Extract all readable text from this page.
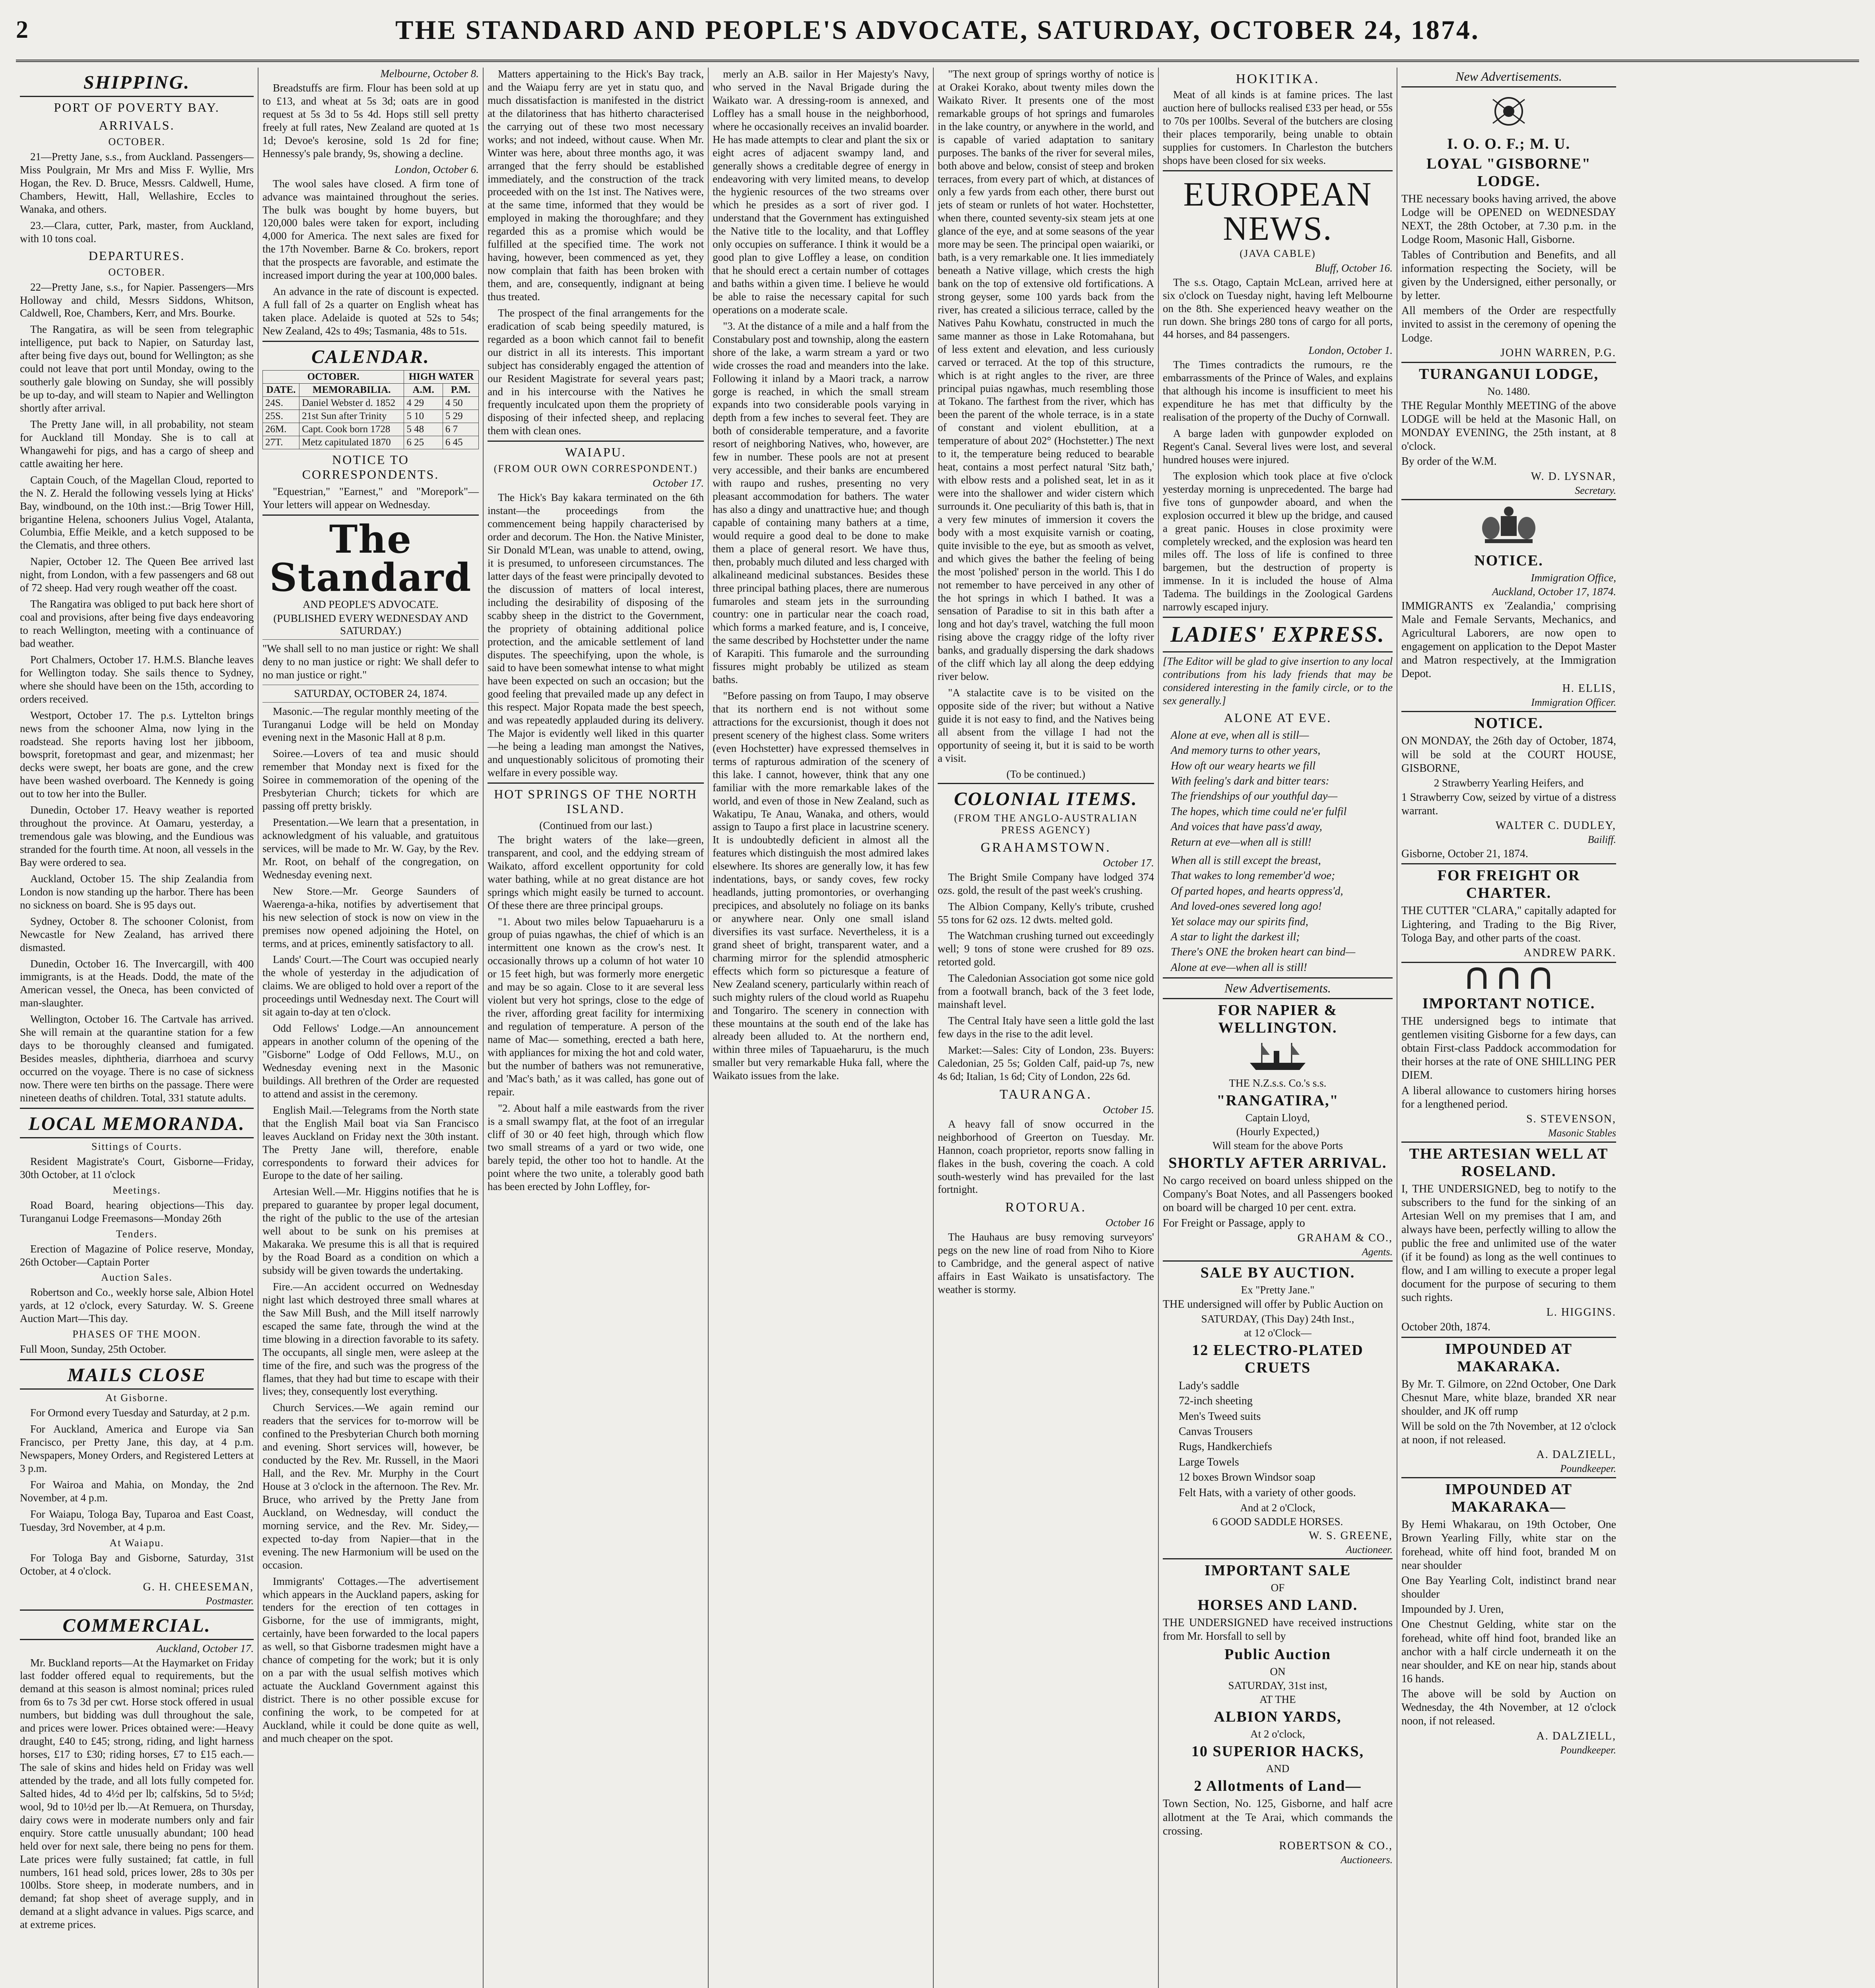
2	THE STANDARD AND PEOPLE'S ADVOCATE, SATURDAY, OCTOBER 24, 1874.
SHIPPING.
PORT OF POVERTY BAY.
ARRIVALS.
OCTOBER.

21—Pretty Jane, s.s., from Auckland. Passengers—Miss Poulgrain, Mr Mrs and Miss F. Wyllie, Mrs Hogan, the Rev. D. Bruce, Messrs. Caldwell, Hume, Chambers, Hewitt, Hall, Wellashire, Eccles to Wanaka, and others.

23.—Clara, cutter, Park, master, from Auckland, with 10 tons coal.

DEPARTURES.
OCTOBER.

22—Pretty Jane, s.s., for Napier. Passengers—Mrs Holloway and child, Messrs Siddons, Whitson, Caldwell, Roe, Chambers, Kerr, and Mrs. Bourke.

The Rangatira, as will be seen from telegraphic intelligence, put back to Napier, on Saturday last, after being five days out, bound for Wellington; as she could not leave that port until Monday, owing to the southerly gale blowing on Sunday, she will possibly be up to-day, and will steam to Napier and Wellington shortly after arrival.

The Pretty Jane will, in all probability, not steam for Auckland till Monday. She is to call at Whangawehi for pigs, and has a cargo of sheep and cattle awaiting her here.

Captain Couch, of the Magellan Cloud, reported to the N. Z. Herald the following vessels lying at Hicks' Bay, windbound, on the 10th inst.:—Brig Tower Hill, brigantine Helena, schooners Julius Vogel, Atalanta, Columbia, Effie Meikle, and a ketch supposed to be the Clematis, and three others.

Napier, October 12. The Queen Bee arrived last night, from London, with a few passengers and 68 out of 72 sheep. Had very rough weather off the coast.

The Rangatira was obliged to put back here short of coal and provisions, after being five days endeavoring to reach Wellington, meeting with a continuance of bad weather.

Port Chalmers, October 17. H.M.S. Blanche leaves for Wellington today. She sails thence to Sydney, where she should have been on the 15th, according to orders received.

Westport, October 17. The p.s. Lyttelton brings news from the schooner Alma, now lying in the roadstead. She reports having lost her jibboom, bowsprit, foretopmast and gear, and mizenmast; her decks were swept, her boats are gone, and the crew have been washed overboard. The Kennedy is going out to tow her into the Buller.

Dunedin, October 17. Heavy weather is reported throughout the province. At Oamaru, yesterday, a tremendous gale was blowing, and the Eundious was stranded for the fourth time. At noon, all vessels in the Bay were ordered to sea.

Auckland, October 15. The ship Zealandia from London is now standing up the harbor. There has been no sickness on board. She is 95 days out.

Sydney, October 8. The schooner Colonist, from Newcastle for New Zealand, has arrived there dismasted.

Dunedin, October 16. The Invercargill, with 400 immigrants, is at the Heads. Dodd, the mate of the American vessel, the Oneca, has been convicted of man-slaughter.

Wellington, October 16. The Cartvale has arrived. She will remain at the quarantine station for a few days to be thoroughly cleansed and fumigated. Besides measles, diphtheria, diarrhoea and scurvy occurred on the voyage. There is no case of sickness now. There were ten births on the passage. There were nineteen deaths of children. Total, 331 statute adults.

LOCAL MEMORANDA.
Sittings of Courts.

Resident Magistrate's Court, Gisborne—Friday, 30th October, at 11 o'clock

Meetings.

Road Board, hearing objections—This day. Turanganui Lodge Freemasons—Monday 26th

Tenders.

Erection of Magazine of Police reserve, Monday, 26th October—Captain Porter

Auction Sales.

Robertson and Co., weekly horse sale, Albion Hotel yards, at 12 o'clock, every Saturday. W. S. Greene Auction Mart—This day.

PHASES OF THE MOON.

Full Moon, Sunday, 25th October.

MAILS CLOSE
At Gisborne.

For Ormond every Tuesday and Saturday, at 2 p.m.

For Auckland, America and Europe via San Francisco, per Pretty Jane, this day, at 4 p.m. Newspapers, Money Orders, and Registered Letters at 3 p.m.

For Wairoa and Mahia, on Monday, the 2nd November, at 4 p.m.

For Waiapu, Tologa Bay, Tuparoa and East Coast, Tuesday, 3rd November, at 4 p.m.

At Waiapu.

For Tologa Bay and Gisborne, Saturday, 31st October, at 4 o'clock.

G. H. CHEESEMAN,
Postmaster.
COMMERCIAL.
Auckland, October 17.

Mr. Buckland reports—At the Haymarket on Friday last fodder offered equal to requirements, but the demand at this season is almost nominal; prices ruled from 6s to 7s 3d per cwt. Horse stock offered in usual numbers, but bidding was dull throughout the sale, and prices were lower. Prices obtained were:—Heavy draught, £40 to £45; strong, riding, and light harness horses, £17 to £30; riding horses, £7 to £15 each.—The sale of skins and hides held on Friday was well attended by the trade, and all lots fully competed for. Salted hides, 4d to 4½d per lb; calfskins, 5d to 5½d; wool, 9d to 10½d per lb.—At Remuera, on Thursday, dairy cows were in moderate numbers only and fair enquiry. Store cattle unusually abundant; 100 head held over for next sale, there being no pens for them. Late prices were fully sustained; fat cattle, in full numbers, 161 head sold, prices lower, 28s to 30s per 100lbs. Store sheep, in moderate numbers, and in demand; fat shop sheet of average supply, and in demand at a slight advance in values. Pigs scarce, and at extreme prices.

Melbourne, October 8.

Breadstuffs are firm. Flour has been sold at up to £13, and wheat at 5s 3d; oats are in good request at 5s 3d to 5s 4d. Hops still sell pretty freely at full rates, New Zealand are quoted at 1s 1d; Devoe's kerosine, sold 1s 2d for fine; Hennessy's pale brandy, 9s, showing a decline.

London, October 6.

The wool sales have closed. A firm tone of advance was maintained throughout the series. The bulk was bought by home buyers, but 120,000 bales were taken for export, including 4,000 for America. The next sales are fixed for the 17th November. Barne & Co. brokers, report that the prospects are favorable, and estimate the increased import during the year at 100,000 bales.

An advance in the rate of discount is expected. A full fall of 2s a quarter on English wheat has taken place. Adelaide is quoted at 52s to 54s; New Zealand, 42s to 49s; Tasmania, 48s to 51s.

CALENDAR.
OCTOBER.		HIGH WATER	
DATE.	MEMORABILIA.	A.M.	P.M.
24S.	Daniel Webster d. 1852	4 29	4 50
25S.	21st Sun after Trinity	5 10	5 29
26M.	Capt. Cook born 1728	5 48	6 7
27T.	Metz capitulated 1870	6 25	6 45
NOTICE TO CORRESPONDENTS.

"Equestrian," "Earnest," and "Morepork"—Your letters will appear on Wednesday.

The Standard
AND PEOPLE'S ADVOCATE.
(PUBLISHED EVERY WEDNESDAY AND SATURDAY.)

"We shall sell to no man justice or right: We shall deny to no man justice or right: We shall defer to no man justice or right."

SATURDAY, OCTOBER 24, 1874.

Masonic.—The regular monthly meeting of the Turanganui Lodge will be held on Monday evening next in the Masonic Hall at 8 p.m.

Soiree.—Lovers of tea and music should remember that Monday next is fixed for the Soiree in commemoration of the opening of the Presbyterian Church; tickets for which are passing off pretty briskly.

Presentation.—We learn that a presentation, in acknowledgment of his valuable, and gratuitous services, will be made to Mr. W. Gay, by the Rev. Mr. Root, on behalf of the congregation, on Wednesday evening next.

New Store.—Mr. George Saunders of Waerenga-a-hika, notifies by advertisement that his new selection of stock is now on view in the premises now opened adjoining the Hotel, on terms, and at prices, eminently satisfactory to all.

Lands' Court.—The Court was occupied nearly the whole of yesterday in the adjudication of claims. We are obliged to hold over a report of the proceedings until Wednesday next. The Court will sit again to-day at ten o'clock.

Odd Fellows' Lodge.—An announcement appears in another column of the opening of the "Gisborne" Lodge of Odd Fellows, M.U., on Wednesday evening next in the Masonic buildings. All brethren of the Order are requested to attend and assist in the ceremony.

English Mail.—Telegrams from the North state that the English Mail boat via San Francisco leaves Auckland on Friday next the 30th instant. The Pretty Jane will, therefore, enable correspondents to forward their advices for Europe to the date of her sailing.

Artesian Well.—Mr. Higgins notifies that he is prepared to guarantee by proper legal document, the right of the public to the use of the artesian well about to be sunk on his premises at Makaraka. We presume this is all that is required by the Road Board as a condition on which a subsidy will be given towards the undertaking.

Fire.—An accident occurred on Wednesday night last which destroyed three small whares at the Saw Mill Bush, and the Mill itself narrowly escaped the same fate, through the wind at the time blowing in a direction favorable to its safety. The occupants, all single men, were asleep at the time of the fire, and such was the progress of the flames, that they had but time to escape with their lives; they, consequently lost everything.

Church Services.—We again remind our readers that the services for to-morrow will be confined to the Presbyterian Church both morning and evening. Short services will, however, be conducted by the Rev. Mr. Russell, in the Maori Hall, and the Rev. Mr. Murphy in the Court House at 3 o'clock in the afternoon. The Rev. Mr. Bruce, who arrived by the Pretty Jane from Auckland, on Wednesday, will conduct the morning service, and the Rev. Mr. Sidey,—expected to-day from Napier—that in the evening. The new Harmonium will be used on the occasion.

Immigrants' Cottages.—The advertisement which appears in the Auckland papers, asking for tenders for the erection of ten cottages in Gisborne, for the use of immigrants, might, certainly, have been forwarded to the local papers as well, so that Gisborne tradesmen might have a chance of competing for the work; but it is only on a par with the usual selfish motives which actuate the Auckland Government against this district. There is no other possible excuse for confining the work, to be competed for at Auckland, while it could be done quite as well, and much cheaper on the spot.

Matters appertaining to the Hick's Bay track, and the Waiapu ferry are yet in statu quo, and much dissatisfaction is manifested in the district at the dilatoriness that has hitherto characterised the carrying out of these two most necessary works; and not indeed, without cause. When Mr. Winter was here, about three months ago, it was arranged that the ferry should be established immediately, and the construction of the track proceeded with on the 1st inst. The Natives were, at the same time, informed that they would be employed in making the thoroughfare; and they regarded this as a promise which would be fulfilled at the specified time. The work not having, however, been commenced as yet, they now complain that faith has been broken with them, and are, consequently, indignant at being thus treated.

The prospect of the final arrangements for the eradication of scab being speedily matured, is regarded as a boon which cannot fail to benefit our district in all its interests. This important subject has considerably engaged the attention of our Resident Magistrate for several years past; and in his intercourse with the Natives he frequently inculcated upon them the propriety of disposing of their infected sheep, and replacing them with clean ones.

WAIAPU.
(FROM OUR OWN CORRESPONDENT.)
October 17.

The Hick's Bay kakara terminated on the 6th instant—the proceedings from the commencement being happily characterised by order and decorum. The Hon. the Native Minister, Sir Donald M'Lean, was unable to attend, owing, it is presumed, to unforeseen circumstances. The latter days of the feast were principally devoted to the discussion of matters of local interest, including the desirability of disposing of the scabby sheep in the district to the Government, the propriety of obtaining additional police protection, and the amicable settlement of land disputes. The speechifying, upon the whole, is said to have been somewhat intense to what might have been expected on such an occasion; but the good feeling that prevailed made up any defect in this respect. Major Ropata made the best speech, and was repeatedly applauded during its delivery. The Major is evidently well liked in this quarter—he being a leading man amongst the Natives, and unquestionably solicitous of promoting their welfare in every possible way.

HOT SPRINGS OF THE NORTH ISLAND.
(Continued from our last.)

The bright waters of the lake—green, transparent, and cool, and the eddying stream of Waikato, afford excellent opportunity for cold water bathing, while at no great distance are hot springs which might easily be turned to account. Of these there are three principal groups.

"1. About two miles below Tapuaeharuru is a group of puias ngawhas, the chief of which is an intermittent one known as the crow's nest. It occasionally throws up a column of hot water 10 or 15 feet high, but was formerly more energetic and may be so again. Close to it are several less violent but very hot springs, close to the edge of the river, affording great facility for intermixing and regulation of temperature. A person of the name of Mac— something, erected a bath here, with appliances for mixing the hot and cold water, but the number of bathers was not remunerative, and 'Mac's bath,' as it was called, has gone out of repair.

"2. About half a mile eastwards from the river is a small swampy flat, at the foot of an irregular cliff of 30 or 40 feet high, through which flow two small streams of a yard or two wide, one barely tepid, the other too hot to handle. At the point where the two unite, a tolerably good bath has been erected by John Loffley, for-

merly an A.B. sailor in Her Majesty's Navy, who served in the Naval Brigade during the Waikato war. A dressing-room is annexed, and Loffley has a small house in the neighborhood, where he occasionally receives an invalid boarder. He has made attempts to clear and plant the six or eight acres of adjacent swampy land, and generally shows a creditable degree of energy in endeavoring with very limited means, to develop the hygienic resources of the two streams over which he presides as a sort of river god. I understand that the Government has extinguished the Native title to the locality, and that Loffley only occupies on sufferance. I think it would be a good plan to give Loffley a lease, on condition that he should erect a certain number of cottages and baths within a given time. I believe he would be able to raise the necessary capital for such operations on a moderate scale.

"3. At the distance of a mile and a half from the Constabulary post and township, along the eastern shore of the lake, a warm stream a yard or two wide crosses the road and meanders into the lake. Following it inland by a Maori track, a narrow gorge is reached, in which the small stream expands into two considerable pools varying in depth from a few inches to several feet. They are both of considerable temperature, and a favorite resort of neighboring Natives, who, however, are few in number. These pools are not at present very accessible, and their banks are encumbered with raupo and rushes, presenting no very pleasant accommodation for bathers. The water has also a dingy and unattractive hue; and though capable of containing many bathers at a time, would require a good deal to be done to make them a place of general resort. We have thus, then, probably much diluted and less charged with alkalineand medicinal substances. Besides these three principal bathing places, there are numerous fumaroles and steam jets in the surrounding country: one in particular near the coach road, which forms a marked feature, and is, I conceive, the same described by Hochstetter under the name of Karapiti. This fumarole and the surrounding fissures might probably be utilized as steam baths.

"Before passing on from Taupo, I may observe that its northern end is not without some attractions for the excursionist, though it does not present scenery of the highest class. Some writers (even Hochstetter) have expressed themselves in terms of rapturous admiration of the scenery of this lake. I cannot, however, think that any one familiar with the more remarkable lakes of the world, and even of those in New Zealand, such as Wakatipu, Te Anau, Wanaka, and others, would assign to Taupo a first place in lacustrine scenery. It is undoubtedly deficient in almost all the features which distinguish the most admired lakes elsewhere. Its shores are generally low, it has few indentations, bays, or sandy coves, few rocky headlands, jutting promontories, or overhanging precipices, and absolutely no foliage on its banks or anywhere near. Only one small island diversifies its vast surface. Nevertheless, it is a grand sheet of bright, transparent water, and a charming mirror for the splendid atmospheric effects which form so picturesque a feature of New Zealand scenery, particularly within reach of such mighty rulers of the cloud world as Ruapehu and Tongariro. The scenery in connection with these mountains at the south end of the lake has already been alluded to. At the northern end, within three miles of Tapuaeharuru, is the much smaller but very remarkable Huka fall, where the Waikato issues from the lake.

"The next group of springs worthy of notice is at Orakei Korako, about twenty miles down the Waikato River. It presents one of the most remarkable groups of hot springs and fumaroles in the lake country, or anywhere in the world, and is capable of varied adaptation to sanitary purposes. The banks of the river for several miles, both above and below, consist of steep and broken terraces, from every part of which, at distances of only a few yards from each other, there burst out jets of steam or runlets of hot water. Hochstetter, when there, counted seventy-six steam jets at one glance of the eye, and at some seasons of the year more may be seen. The principal open waiariki, or bath, is a very remarkable one. It lies immediately beneath a Native village, which crests the high bank on the top of extensive old fortifications. A strong geyser, some 100 yards back from the river, has created a silicious terrace, called by the Natives Pahu Kowhatu, constructed in much the same manner as those in Lake Rotomahana, but of less extent and elevation, and less curiously carved or terraced. At the top of this structure, which is at right angles to the river, are three principal puias ngawhas, much resembling those at Tokano. The farthest from the river, which has been the parent of the whole terrace, is in a state of constant and violent ebullition, at a temperature of about 202° (Hochstetter.) The next to it, the temperature being reduced to bearable heat, contains a most perfect natural 'Sitz bath,' with elbow rests and a polished seat, let in as it were into the shallower and wider cistern which surrounds it. One peculiarity of this bath is, that in a very few minutes of immersion it covers the body with a most exquisite varnish or coating, quite invisible to the eye, but as smooth as velvet, and which gives the bather the feeling of being the most 'polished' person in the world. This I do not remember to have perceived in any other of the hot springs in which I bathed. It was a sensation of Paradise to sit in this bath after a long and hot day's travel, watching the full moon rising above the craggy ridge of the lofty river banks, and gradually dispersing the dark shadows of the cliff which lay all along the deep eddying river below.

"A stalactite cave is to be visited on the opposite side of the river; but without a Native guide it is not easy to find, and the Natives being all absent from the village I had not the opportunity of seeing it, but it is said to be worth a visit.

(To be continued.)
COLONIAL ITEMS.
(FROM THE ANGLO-AUSTRALIAN PRESS AGENCY)
GRAHAMSTOWN.
October 17.

The Bright Smile Company have lodged 374 ozs. gold, the result of the past week's crushing.

The Albion Company, Kelly's tribute, crushed 55 tons for 62 ozs. 12 dwts. melted gold.

The Watchman crushing turned out exceedingly well; 9 tons of stone were crushed for 89 ozs. retorted gold.

The Caledonian Association got some nice gold from a footwall branch, back of the 3 feet lode, mainshaft level.

The Central Italy have seen a little gold the last few days in the rise to the adit level.

Market:—Sales: City of London, 23s. Buyers: Caledonian, 25 5s; Golden Calf, paid-up 7s, new 4s 6d; Italian, 1s 6d; City of London, 22s 6d.

TAURANGA.
October 15.

A heavy fall of snow occurred in the neighborhood of Greerton on Tuesday. Mr. Hannon, coach proprietor, reports snow falling in flakes in the bush, covering the coach. A cold south-westerly wind has prevailed for the last fortnight.

ROTORUA.
October 16

The Hauhaus are busy removing surveyors' pegs on the new line of road from Niho to Kiore to Cambridge, and the general aspect of native affairs in East Waikato is unsatisfactory. The weather is stormy.

HOKITIKA.

Meat of all kinds is at famine prices. The last auction here of bullocks realised £33 per head, or 55s to 70s per 100lbs. Several of the butchers are closing their places temporarily, being unable to obtain supplies for customers. In Charleston the butchers shops have been closed for six weeks.

EUROPEAN NEWS.
(JAVA CABLE)
Bluff, October 16.

The s.s. Otago, Captain McLean, arrived here at six o'clock on Tuesday night, having left Melbourne on the 8th. She experienced heavy weather on the run down. She brings 280 tons of cargo for all ports, 44 horses, and 84 passengers.

London, October 1.

The Times contradicts the rumours, re the embarrassments of the Prince of Wales, and explains that although his income is insufficient to meet his expenditure he has met that difficulty by the realisation of the property of the Duchy of Cornwall.

A barge laden with gunpowder exploded on Regent's Canal. Several lives were lost, and several hundred houses were injured.

The explosion which took place at five o'clock yesterday morning is unprecedented. The barge had five tons of gunpowder aboard, and when the explosion occurred it blew up the bridge, and caused a great panic. Houses in close proximity were completely wrecked, and the explosion was heard ten miles off. The loss of life is confined to three bargemen, but the destruction of property is immense. In it is included the house of Alma Tadema. The buildings in the Zoological Gardens narrowly escaped injury.

LADIES' EXPRESS.

[The Editor will be glad to give insertion to any local contributions from his lady friends that may be considered interesting in the family circle, or to the sex generally.]

ALONE AT EVE.
Alone at eve, when all is still—
And memory turns to other years,
How oft our weary hearts we fill
With feeling's dark and bitter tears:
The friendships of our youthful day—
The hopes, which time could ne'er fulfil
And voices that have pass'd away,
Return at eve—when all is still!
When all is still except the breast,
That wakes to long remember'd woe;
Of parted hopes, and hearts oppress'd,
And loved-ones severed long ago!
Yet solace may our spirits find,
A star to light the darkest ill;
There's ONE the broken heart can bind—
Alone at eve—when all is still!
New Advertisements.
FOR NAPIER & WELLINGTON.
THE N.Z.s.s. Co.'s s.s.
"RANGATIRA,"
Captain Lloyd,
(Hourly Expected,)
Will steam for the above Ports
SHORTLY AFTER ARRIVAL.
No cargo received on board unless shipped on the Company's Boat Notes, and all Passengers booked on board will be charged 10 per cent. extra.
For Freight or Passage, apply to
GRAHAM & CO.,
Agents.
SALE BY AUCTION.
Ex "Pretty Jane."
THE undersigned will offer by Public Auction on
SATURDAY, (This Day) 24th Inst.,
at 12 o'Clock—
12 ELECTRO-PLATED CRUETS
Lady's saddle
72-inch sheeting
Men's Tweed suits
Canvas Trousers
Rugs, Handkerchiefs
Large Towels
12 boxes Brown Windsor soap
Felt Hats, with a variety of other goods.
And at 2 o'Clock,
6 GOOD SADDLE HORSES.
W. S. GREENE,
Auctioneer.
IMPORTANT SALE
OF
HORSES AND LAND.
THE UNDERSIGNED have received instructions from Mr. Horsfall to sell by
Public Auction
ON
SATURDAY, 31st inst,
AT THE
ALBION YARDS,
At 2 o'clock,
10 SUPERIOR HACKS,
AND
2 Allotments of Land—
Town Section, No. 125, Gisborne, and half acre allotment at the Te Arai, which commands the crossing.
ROBERTSON & CO.,
Auctioneers.
New Advertisements.
I. O. O. F.; M. U.
LOYAL "GISBORNE" LODGE.
THE necessary books having arrived, the above Lodge will be OPENED on WEDNESDAY NEXT, the 28th October, at 7.30 p.m. in the Lodge Room, Masonic Hall, Gisborne.
Tables of Contribution and Benefits, and all information respecting the Society, will be given by the Undersigned, either personally, or by letter.
All members of the Order are respectfully invited to assist in the ceremony of opening the Lodge.
JOHN WARREN, P.G.
TURANGANUI LODGE,
No. 1480.
THE Regular Monthly MEETING of the above LODGE will be held at the Masonic Hall, on MONDAY EVENING, the 25th instant, at 8 o'clock.
By order of the W.M.
W. D. LYSNAR,
Secretary.
NOTICE.
Immigration Office,
Auckland, October 17, 1874.
IMMIGRANTS ex 'Zealandia,' comprising Male and Female Servants, Mechanics, and Agricultural Laborers, are now open to engagement on application to the Depot Master and Matron respectively, at the Immigration Depot.
H. ELLIS,
Immigration Officer.
NOTICE.
ON MONDAY, the 26th day of October, 1874, will be sold at the COURT HOUSE, GISBORNE,
2 Strawberry Yearling Heifers, and
1 Strawberry Cow, seized by virtue of a distress warrant.
WALTER C. DUDLEY,
Bailiff.
Gisborne, October 21, 1874.
FOR FREIGHT OR CHARTER.
THE CUTTER "CLARA," capitally adapted for Lightering, and Trading to the Big River, Tologa Bay, and other parts of the coast.
ANDREW PARK.
IMPORTANT NOTICE.
THE undersigned begs to intimate that gentlemen visiting Gisborne for a few days, can obtain First-class Paddock accommodation for their horses at the rate of ONE SHILLING PER DIEM.
A liberal allowance to customers hiring horses for a lengthened period.
S. STEVENSON,
Masonic Stables
THE ARTESIAN WELL AT ROSELAND.
I, THE UNDERSIGNED, beg to notify to the subscribers to the fund for the sinking of an Artesian Well on my premises that I am, and always have been, perfectly willing to allow the public the free and unlimited use of the water (if it be found) as long as the well continues to flow, and I am willing to execute a proper legal document for the purpose of securing to them such rights.
L. HIGGINS.
October 20th, 1874.
IMPOUNDED AT MAKARAKA.
By Mr. T. Gilmore, on 22nd October, One Dark Chesnut Mare, white blaze, branded XR near shoulder, and JK off rump
Will be sold on the 7th November, at 12 o'clock at noon, if not released.
A. DALZIELL,
Poundkeeper.
IMPOUNDED AT MAKARAKA—
By Hemi Whakarau, on 19th October, One Brown Yearling Filly, white star on the forehead, white off hind foot, branded M on near shoulder
One Bay Yearling Colt, indistinct brand near shoulder
Impounded by J. Uren,
One Chestnut Gelding, white star on the forehead, white off hind foot, branded like an anchor with a half circle underneath it on the near shoulder, and KE on near hip, stands about 16 hands.
The above will be sold by Auction on Wednesday, the 4th November, at 12 o'clock noon, if not released.
A. DALZIELL,
Poundkeeper.
